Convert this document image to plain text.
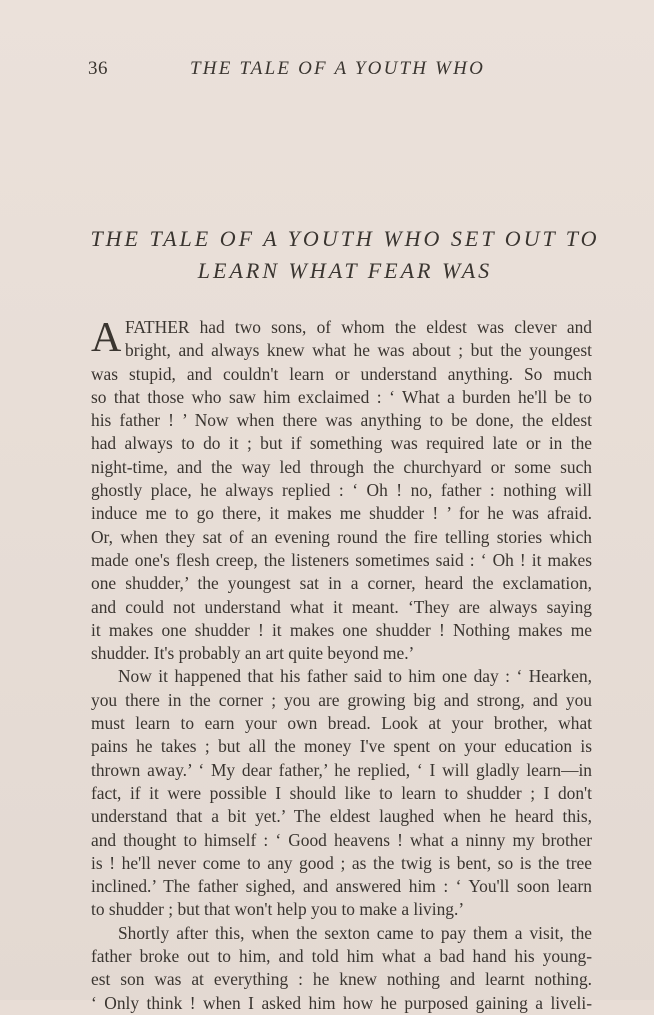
36	THE TALE OF A YOUTH WHO
THE TALE OF A YOUTH WHO SET OUT TO
LEARN WHAT FEAR WAS
A FATHER had two sons, of whom the eldest was clever and
bright, and always knew what he was about ; but the youngest
was stupid, and couldn't learn or understand anything. So much
so that those who saw him exclaimed : ‘ What a burden he'll be to
his father ! ’ Now when there was anything to be done, the eldest
had always to do it ; but if something was required late or in the
night-time, and the way led through the churchyard or some such
ghostly place, he always replied : ‘ Oh ! no, father : nothing will
induce me to go there, it makes me shudder ! ’ for he was afraid.
Or, when they sat of an evening round the fire telling stories which
made one's flesh creep, the listeners sometimes said : ‘ Oh ! it makes
one shudder,’ the youngest sat in a corner, heard the exclamation,
and could not understand what it meant. ‘They are always saying
it makes one shudder ! it makes one shudder ! Nothing makes me
shudder. It's probably an art quite beyond me.’
Now it happened that his father said to him one day : ‘ Hearken,
you there in the corner ; you are growing big and strong, and you
must learn to earn your own bread. Look at your brother, what
pains he takes ; but all the money I've spent on your education is
thrown away.’ ‘ My dear father,’ he replied, ‘ I will gladly learn—in
fact, if it were possible I should like to learn to shudder ; I don't
understand that a bit yet.’ The eldest laughed when he heard this,
and thought to himself : ‘ Good heavens ! what a ninny my brother
is ! he'll never come to any good ; as the twig is bent, so is the tree
inclined.’ The father sighed, and answered him : ‘ You'll soon learn
to shudder ; but that won't help you to make a living.’
Shortly after this, when the sexton came to pay them a visit, the
father broke out to him, and told him what a bad hand his young-
est son was at everything : he knew nothing and learnt nothing.
‘ Only think ! when I asked him how he purposed gaining a liveli-
